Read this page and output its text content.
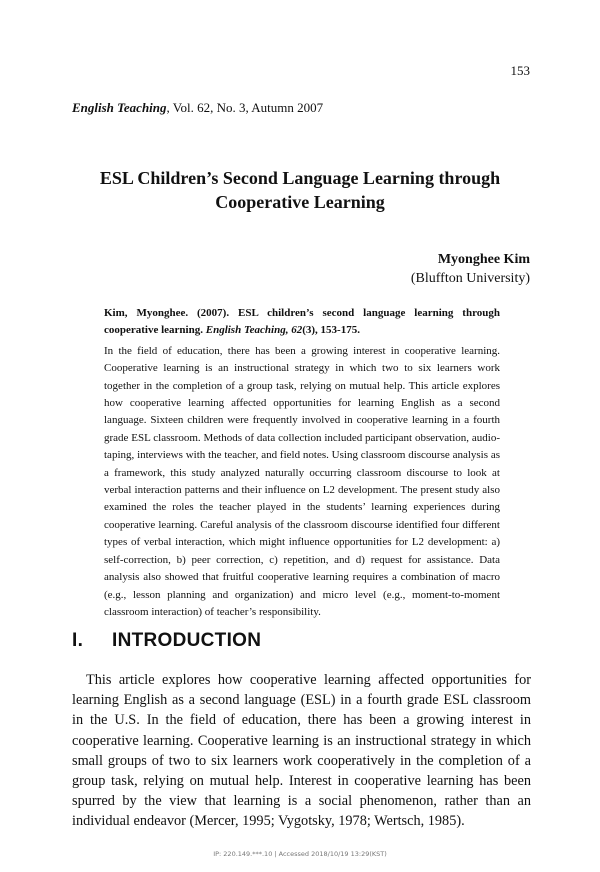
153
English Teaching, Vol. 62, No. 3, Autumn 2007
ESL Children’s Second Language Learning through
Cooperative Learning
Myonghee Kim
(Bluffton University)

Kim, Myonghee. (2007). ESL children’s second language learning through cooperative learning. English Teaching, 62(3), 153-175.

In the field of education, there has been a growing interest in cooperative learning. Cooperative learning is an instructional strategy in which two to six learners work together in the completion of a group task, relying on mutual help. This article explores how cooperative learning affected opportunities for learning English as a second language. Sixteen children were frequently involved in cooperative learning in a fourth grade ESL classroom. Methods of data collection included participant observation, audio-taping, interviews with the teacher, and field notes. Using classroom discourse analysis as a framework, this study analyzed naturally occurring classroom discourse to look at verbal interaction patterns and their influence on L2 development. The present study also examined the roles the teacher played in the students’ learning experiences during cooperative learning. Careful analysis of the classroom discourse identified four different types of verbal interaction, which might influence opportunities for L2 development: a) self-correction, b) peer correction, c) repetition, and d) request for assistance. Data analysis also showed that fruitful cooperative learning requires a combination of macro (e.g., lesson planning and organization) and micro level (e.g., moment-to-moment classroom interaction) of teacher’s responsibility.

I. INTRODUCTION

This article explores how cooperative learning affected opportunities for learning English as a second language (ESL) in a fourth grade ESL classroom in the U.S. In the field of education, there has been a growing interest in cooperative learning. Cooperative learning is an instructional strategy in which small groups of two to six learners work cooperatively in the completion of a group task, relying on mutual help. Interest in cooperative learning has been spurred by the view that learning is a social phenomenon, rather than an individual endeavor (Mercer, 1995; Vygotsky, 1978; Wertsch, 1985).

IP: 220.149.***.10 | Accessed 2018/10/19 13:29(KST)
